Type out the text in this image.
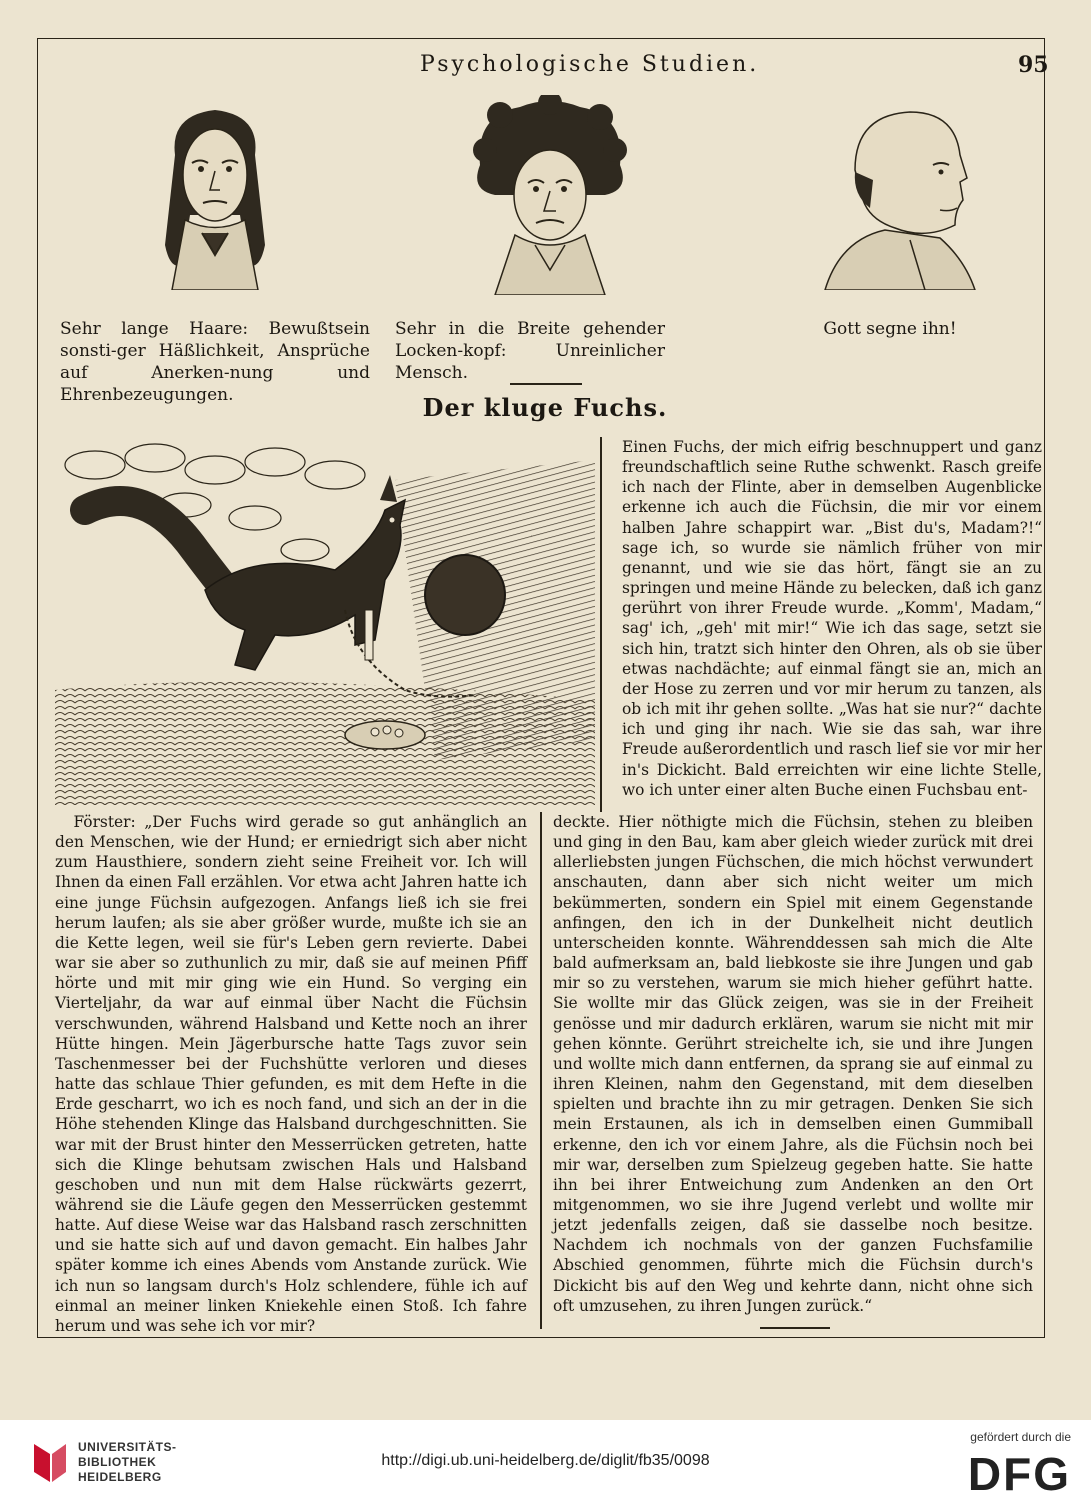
Psychologische Studien.	95
Sehr lange Haare: Bewußtsein sonsti-ger Häßlichkeit, Ansprüche auf Anerken-nung und Ehrenbezeugungen.
Sehr in die Breite gehender Locken-kopf: Unreinlicher Mensch.
Gott segne ihn!
Der kluge Fuchs.

Einen Fuchs, der mich eifrig beschnuppert und ganz freundschaftlich seine Ruthe schwenkt. Rasch greife ich nach der Flinte, aber in demselben Augenblicke erkenne ich auch die Füchsin, die mir vor einem halben Jahre schappirt war. „Bist du's, Madam?!“ sage ich, so wurde sie nämlich früher von mir genannt, und wie sie das hört, fängt sie an zu springen und meine Hände zu belecken, daß ich ganz gerührt von ihrer Freude wurde. „Komm', Madam,“ sag' ich, „geh' mit mir!“ Wie ich das sage, setzt sie sich hin, tratzt sich hinter den Ohren, als ob sie über etwas nachdächte; auf einmal fängt sie an, mich an der Hose zu zerren und vor mir herum zu tanzen, als ob ich mit ihr gehen sollte. „Was hat sie nur?“ dachte ich und ging ihr nach. Wie sie das sah, war ihre Freude außerordentlich und rasch lief sie vor mir her in's Dickicht. Bald erreichten wir eine lichte Stelle, wo ich unter einer alten Buche einen Fuchsbau ent-

Förster: „Der Fuchs wird gerade so gut anhänglich an den Menschen, wie der Hund; er erniedrigt sich aber nicht zum Hausthiere, sondern zieht seine Freiheit vor. Ich will Ihnen da einen Fall erzählen. Vor etwa acht Jahren hatte ich eine junge Füchsin aufgezogen. Anfangs ließ ich sie frei herum laufen; als sie aber größer wurde, mußte ich sie an die Kette legen, weil sie für's Leben gern revierte. Dabei war sie aber so zuthunlich zu mir, daß sie auf meinen Pfiff hörte und mit mir ging wie ein Hund. So verging ein Vierteljahr, da war auf einmal über Nacht die Füchsin verschwunden, während Halsband und Kette noch an ihrer Hütte hingen. Mein Jägerbursche hatte Tags zuvor sein Taschenmesser bei der Fuchshütte verloren und dieses hatte das schlaue Thier gefunden, es mit dem Hefte in die Erde gescharrt, wo ich es noch fand, und sich an der in die Höhe stehenden Klinge das Halsband durchgeschnitten. Sie war mit der Brust hinter den Messerrücken getreten, hatte sich die Klinge behutsam zwischen Hals und Halsband geschoben und nun mit dem Halse rückwärts gezerrt, während sie die Läufe gegen den Messerrücken gestemmt hatte. Auf diese Weise war das Halsband rasch zerschnitten und sie hatte sich auf und davon gemacht. Ein halbes Jahr später komme ich eines Abends vom Anstande zurück. Wie ich nun so langsam durch's Holz schlendere, fühle ich auf einmal an meiner linken Kniekehle einen Stoß. Ich fahre herum und was sehe ich vor mir?

deckte. Hier nöthigte mich die Füchsin, stehen zu bleiben und ging in den Bau, kam aber gleich wieder zurück mit drei allerliebsten jungen Füchschen, die mich höchst verwundert anschauten, dann aber sich nicht weiter um mich bekümmerten, sondern ein Spiel mit einem Gegenstande anfingen, den ich in der Dunkelheit nicht deutlich unterscheiden konnte. Währenddessen sah mich die Alte bald aufmerksam an, bald liebkoste sie ihre Jungen und gab mir so zu verstehen, warum sie mich hieher geführt hatte. Sie wollte mir das Glück zeigen, was sie in der Freiheit genösse und mir dadurch erklären, warum sie nicht mit mir gehen könnte. Gerührt streichelte ich, sie und ihre Jungen und wollte mich dann entfernen, da sprang sie auf einmal zu ihren Kleinen, nahm den Gegenstand, mit dem dieselben spielten und brachte ihn zu mir getragen. Denken Sie sich mein Erstaunen, als ich in demselben einen Gummiball erkenne, den ich vor einem Jahre, als die Füchsin noch bei mir war, derselben zum Spielzeug gegeben hatte. Sie hatte ihn bei ihrer Entweichung zum Andenken an den Ort mitgenommen, wo sie ihre Jugend verlebt und wollte mir jetzt jedenfalls zeigen, daß sie dasselbe noch besitze. Nachdem ich nochmals von der ganzen Fuchsfamilie Abschied genommen, führte mich die Füchsin durch's Dickicht bis auf den Weg und kehrte dann, nicht ohne sich oft umzusehen, zu ihren Jungen zurück.“

UNIVERSITÄTS-BIBLIOTHEK HEIDELBERG
http://digi.ub.uni-heidelberg.de/diglit/fb35/0098
gefördert durch die
DFG
